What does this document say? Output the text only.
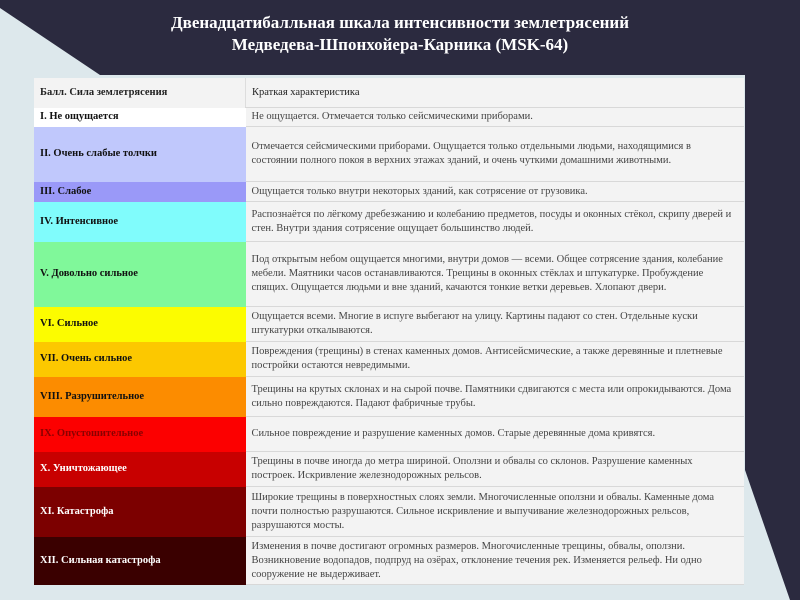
Двенадцатибалльная шкала интенсивности землетрясений
Медведева-Шпонхойера-Карника (MSK-64)
Балл. Сила землетрясения	Краткая характеристика
I. Не ощущается	Не ощущается. Отмечается только сейсмическими приборами.
II. Очень слабые толчки	Отмечается сейсмическими приборами. Ощущается только отдельными людьми, находящимися в состоянии полного покоя в верхних этажах зданий, и очень чуткими домашними животными.
III. Слабое	Ощущается только внутри некоторых зданий, как сотрясение от грузовика.
IV. Интенсивное	Распознаётся по лёгкому дребезжанию и колебанию предметов, посуды и оконных стёкол, скрипу дверей и стен. Внутри здания сотрясение ощущает большинство людей.
V. Довольно сильное	Под открытым небом ощущается многими, внутри домов — всеми. Общее сотрясение здания, колебание мебели. Маятники часов останавливаются. Трещины в оконных стёклах и штукатурке. Пробуждение спящих. Ощущается людьми и вне зданий, качаются тонкие ветки деревьев. Хлопают двери.
VI. Сильное	Ощущается всеми. Многие в испуге выбегают на улицу. Картины падают со стен. Отдельные куски штукатурки откалываются.
VII. Очень сильное	Повреждения (трещины) в стенах каменных домов. Антисейсмические, а также деревянные и плетневые постройки остаются невредимыми.
VIII. Разрушительное	Трещины на крутых склонах и на сырой почве. Памятники сдвигаются с места или опрокидываются. Дома сильно повреждаются. Падают фабричные трубы.
IX. Опустошительное	Сильное повреждение и разрушение каменных домов. Старые деревянные дома кривятся.
X. Уничтожающее	Трещины в почве иногда до метра шириной. Оползни и обвалы со склонов. Разрушение каменных построек. Искривление железнодорожных рельсов.
XI. Катастрофа	Широкие трещины в поверхностных слоях земли. Многочисленные оползни и обвалы. Каменные дома почти полностью разрушаются. Сильное искривление и выпучивание железнодорожных рельсов, разрушаются мосты.
XII. Сильная катастрофа	Изменения в почве достигают огромных размеров. Многочисленные трещины, обвалы, оползни. Возникновение водопадов, подпруд на озёрах, отклонение течения рек. Изменяется рельеф. Ни одно сооружение не выдерживает.
